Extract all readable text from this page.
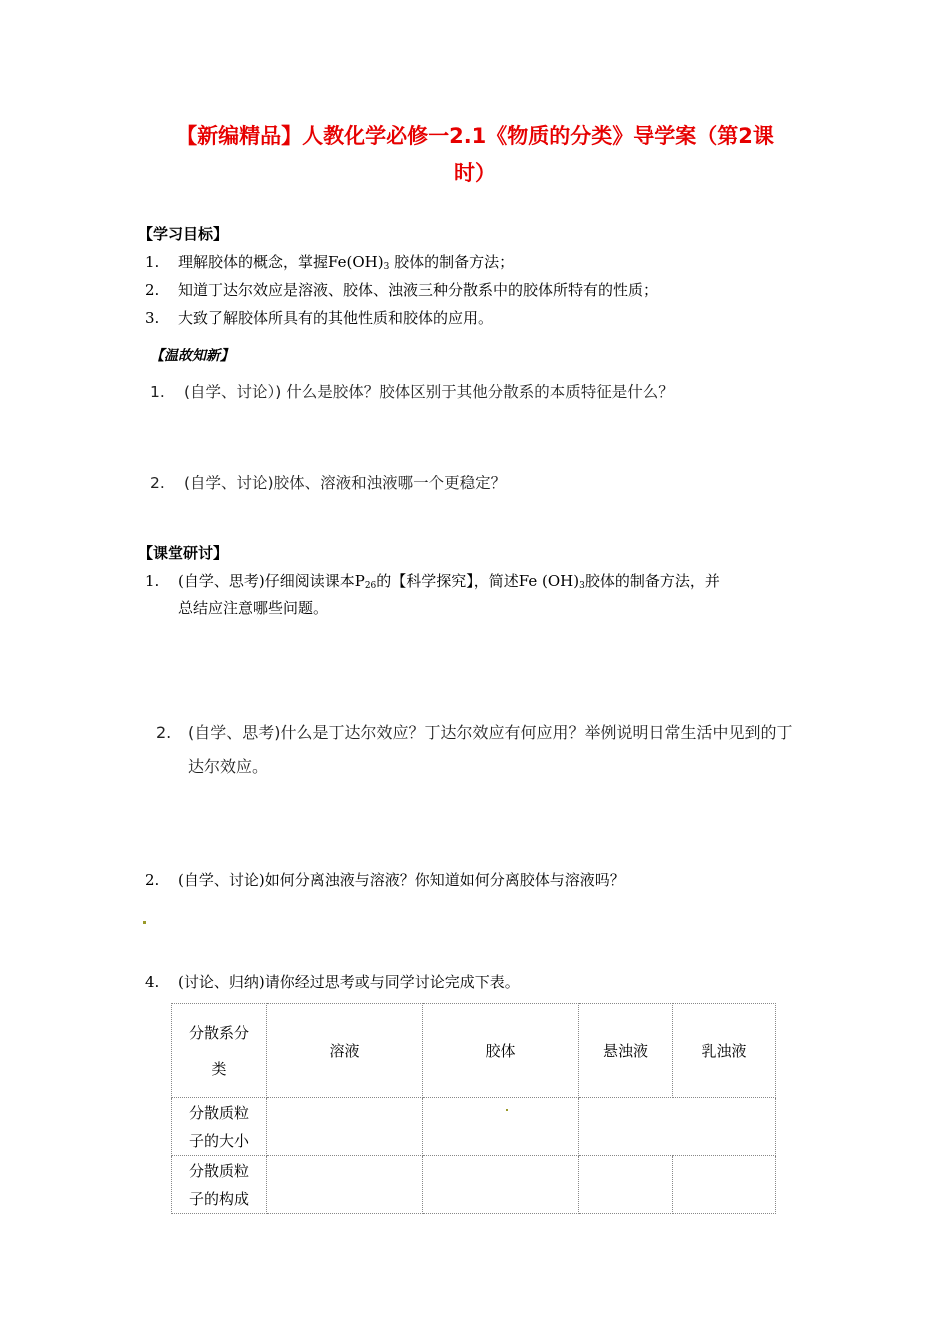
【新编精品】人教化学必修一2.1《物质的分类》导学案（第2课
时）
【学习目标】
1. 理解胶体的概念，掌握$Fe(OH)_3$ 胶体的制备方法；
2. 知道丁达尔效应是溶液、胶体、浊液三种分散系中的胶体所特有的性质；
3. 大致了解胶体所具有的其他性质和胶体的应用。
【温故知新】
1. (自学、讨论）) 什么是胶体？胶体区别于其他分散系的本质特征是什么？
2. (自学、讨论)胶体、溶液和浊液哪一个更稳定？
【课堂研讨】
1. (自学、思考)仔细阅读课本$P_{26}$的【科学探究】，简述Fe $(OH)_3$胶体的制备方法，并
总结应注意哪些问题。
2. (自学、思考)什么是丁达尔效应？丁达尔效应有何应用？举例说明日常生活中见到的丁
达尔效应。
2. (自学、讨论)如何分离浊液与溶液？你知道如何分离胶体与溶液吗？
4. (讨论、归纳)请你经过思考或与同学讨论完成下表。
分散系分
类	溶液	胶体	悬浊液	乳浊液

分散质粒
子的大小				

分散质粒
子的构成				
